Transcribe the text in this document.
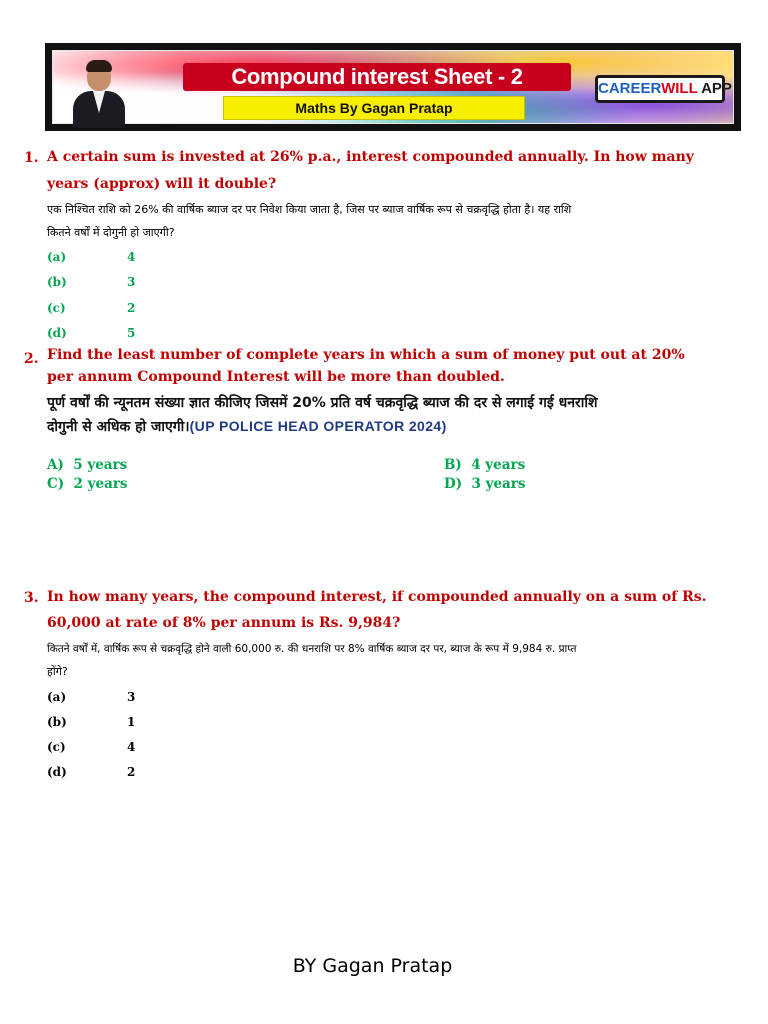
Compound interest Sheet - 2
Maths By Gagan Pratap
CAREERWILL APP
1. A certain sum is invested at 26% p.a., interest compounded annually. In how many
years (approx) will it double?
एक निश्चित राशि को 26% की वार्षिक ब्याज दर पर निवेश किया जाता है, जिस पर ब्याज वार्षिक रूप से चक्रवृद्धि होता है। यह राशि
कितने वर्षों में दोगुनी हो जाएगी?
(a)	4
(b)	3
(c)	2
(d)	5
2. Find the least number of complete years in which a sum of money put out at 20%
per annum Compound Interest will be more than doubled.
पूर्ण वर्षों की न्यूनतम संख्या ज्ञात कीजिए जिसमें 20% प्रति वर्ष चक्रवृद्धि ब्याज की दर से लगाई गई धनराशि
दोगुनी से अधिक हो जाएगी।(UP POLICE HEAD OPERATOR 2024)
A) 5 years	B) 4 years
C) 2 years	D) 3 years
3. In how many years, the compound interest, if compounded annually on a sum of Rs.
60,000 at rate of 8% per annum is Rs. 9,984?
कितने वर्षों में, वार्षिक रूप से चक्रवृद्धि होने वाली 60,000 रु. की धनराशि पर 8% वार्षिक ब्याज दर पर, ब्याज के रूप में 9,984 रु. प्राप्त
होंगे?
(a)	3
(b)	1
(c)	4
(d)	2
BY Gagan Pratap
